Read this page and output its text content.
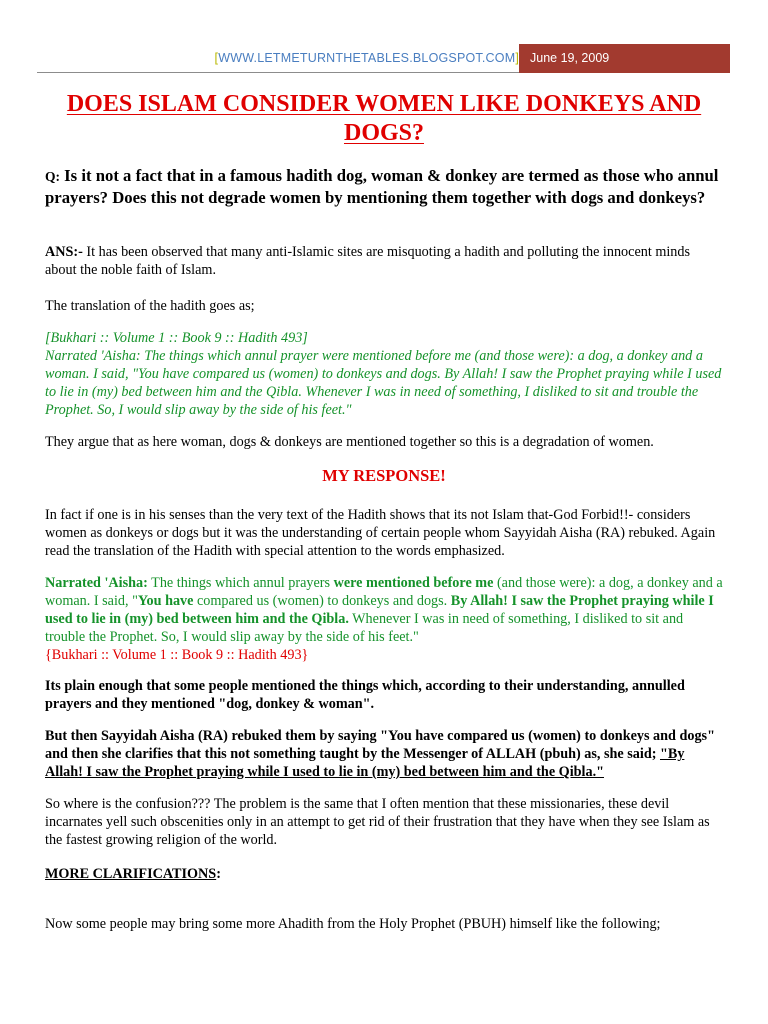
[WWW.LETMETURNTHETABLES.BLOGSPOT.COM] June 19, 2009
DOES ISLAM CONSIDER WOMEN LIKE DONKEYS AND DOGS?
Q: Is it not a fact that in a famous hadith dog, woman & donkey are termed as those who annul prayers? Does this not degrade women by mentioning them together with dogs and donkeys?
ANS:- It has been observed that many anti-Islamic sites are misquoting a hadith and polluting the innocent minds about the noble faith of Islam.
The translation of the hadith goes as;
[Bukhari :: Volume 1 :: Book 9 :: Hadith 493]
Narrated 'Aisha: The things which annul prayer were mentioned before me (and those were): a dog, a donkey and a woman. I said, "You have compared us (women) to donkeys and dogs. By Allah! I saw the Prophet praying while I used to lie in (my) bed between him and the Qibla. Whenever I was in need of something, I disliked to sit and trouble the Prophet. So, I would slip away by the side of his feet."
They argue that as here woman, dogs & donkeys are mentioned together so this is a degradation of women.
MY RESPONSE!
In fact if one is in his senses than the very text of the Hadith shows that its not Islam that-God Forbid!!- considers women as donkeys or dogs but it was the understanding of certain people whom Sayyidah Aisha (RA) rebuked. Again read the translation of the Hadith with special attention to the words emphasized.
Narrated 'Aisha: The things which annul prayers were mentioned before me (and those were): a dog, a donkey and a woman. I said, "You have compared us (women) to donkeys and dogs. By Allah! I saw the Prophet praying while I used to lie in (my) bed between him and the Qibla. Whenever I was in need of something, I disliked to sit and trouble the Prophet. So, I would slip away by the side of his feet."
{Bukhari :: Volume 1 :: Book 9 :: Hadith 493}
Its plain enough that some people mentioned the things which, according to their understanding, annulled prayers and they mentioned "dog, donkey & woman".
But then Sayyidah Aisha (RA) rebuked them by saying "You have compared us (women) to donkeys and dogs" and then she clarifies that this not something taught by the Messenger of ALLAH (pbuh) as, she said; "By Allah! I saw the Prophet praying while I used to lie in (my) bed between him and the Qibla."
So where is the confusion??? The problem is the same that I often mention that these missionaries, these devil incarnates yell such obscenities only in an attempt to get rid of their frustration that they have when they see Islam as the fastest growing religion of the world.
MORE CLARIFICATIONS:
Now some people may bring some more Ahadith from the Holy Prophet (PBUH) himself like the following;
